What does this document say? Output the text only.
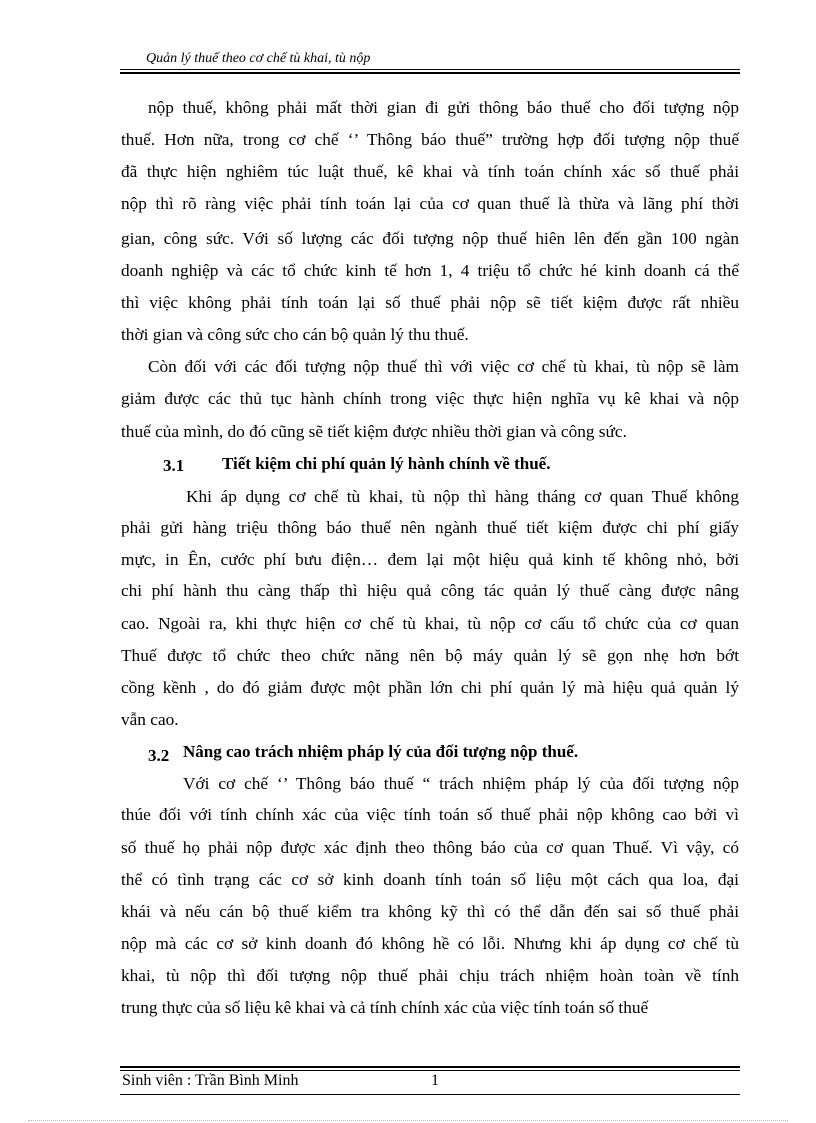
Quản lý thuế theo cơ chế tù khai, tù nộp
nộp thuế, không phải mất thời gian đi gửi thông báo thuế cho đối tượng nộp
thuế. Hơn nữa, trong cơ chế ‘’ Thông báo thuế” trường hợp đối tượng nộp thuế
đã thực hiện nghiêm túc luật thuế, kê khai và tính toán chính xác số thuế phải
nộp thì rõ ràng việc phải tính toán lại của cơ quan thuế là thừa và lãng phí thời
gian, công sức. Với số lượng các đối tượng nộp thuế hiên lên đến gần 100 ngàn
doanh nghiệp và các tổ chức kinh tế hơn 1, 4 triệu tổ chức hé kinh doanh cá thể
thì việc không phải tính toán lại số thuế phải nộp sẽ tiết kiệm được rất nhiều
thời gian và công sức cho cán bộ quản lý thu thuế.
Còn đối với các đối tượng nộp thuế thì với việc cơ chế tù khai, tù nộp sẽ làm
giảm được các thủ tục hành chính trong việc thực hiện nghĩa vụ kê khai và nộp
thuế của mình, do đó cũng sẽ tiết kiệm được nhiều thời gian và công sức.
3.1 Tiết kiệm chi phí quản lý hành chính về thuế.
Khi áp dụng cơ chế tù khai, tù nộp thì hàng tháng cơ quan Thuế không
phải gửi hàng triệu thông báo thuế nên ngành thuế tiết kiệm được chi phí giấy
mực, in Ên, cước phí bưu điện… đem lại một hiệu quả kinh tế không nhỏ, bởi
chi phí hành thu càng thấp thì hiệu quả công tác quản lý thuế càng được nâng
cao. Ngoài ra, khi thực hiện cơ chế tù khai, tù nộp cơ cấu tổ chức của cơ quan
Thuế được tổ chức theo chức năng nên bộ máy quản lý sẽ gọn nhẹ hơn bớt
cồng kềnh , do đó giảm được một phần lớn chi phí quản lý mà hiệu quả quản lý
vẫn cao.
3.2 Nâng cao trách nhiệm pháp lý của đối tượng nộp thuế.
Với cơ chế ‘’ Thông báo thuế “ trách nhiệm pháp lý của đối tượng nộp
thúe đối với tính chính xác của việc tính toán số thuế phải nộp không cao bởi vì
số thuế họ phải nộp được xác định theo thông báo của cơ quan Thuế. Vì vậy, có
thể có tình trạng các cơ sở kinh doanh tính toán số liệu một cách qua loa, đại
khái và nếu cán bộ thuế kiểm tra không kỹ thì có thể dẫn đến sai số thuế phải
nộp mà các cơ sở kinh doanh đó không hề có lỗi. Nhưng khi áp dụng cơ chế tù
khai, tù nộp thì đối tượng nộp thuế phải chịu trách nhiệm hoàn toàn về tính
trung thực của số liệu kê khai và cả tính chính xác của việc tính toán số thuế
Sinh viên : Trần Bình Minh	1
